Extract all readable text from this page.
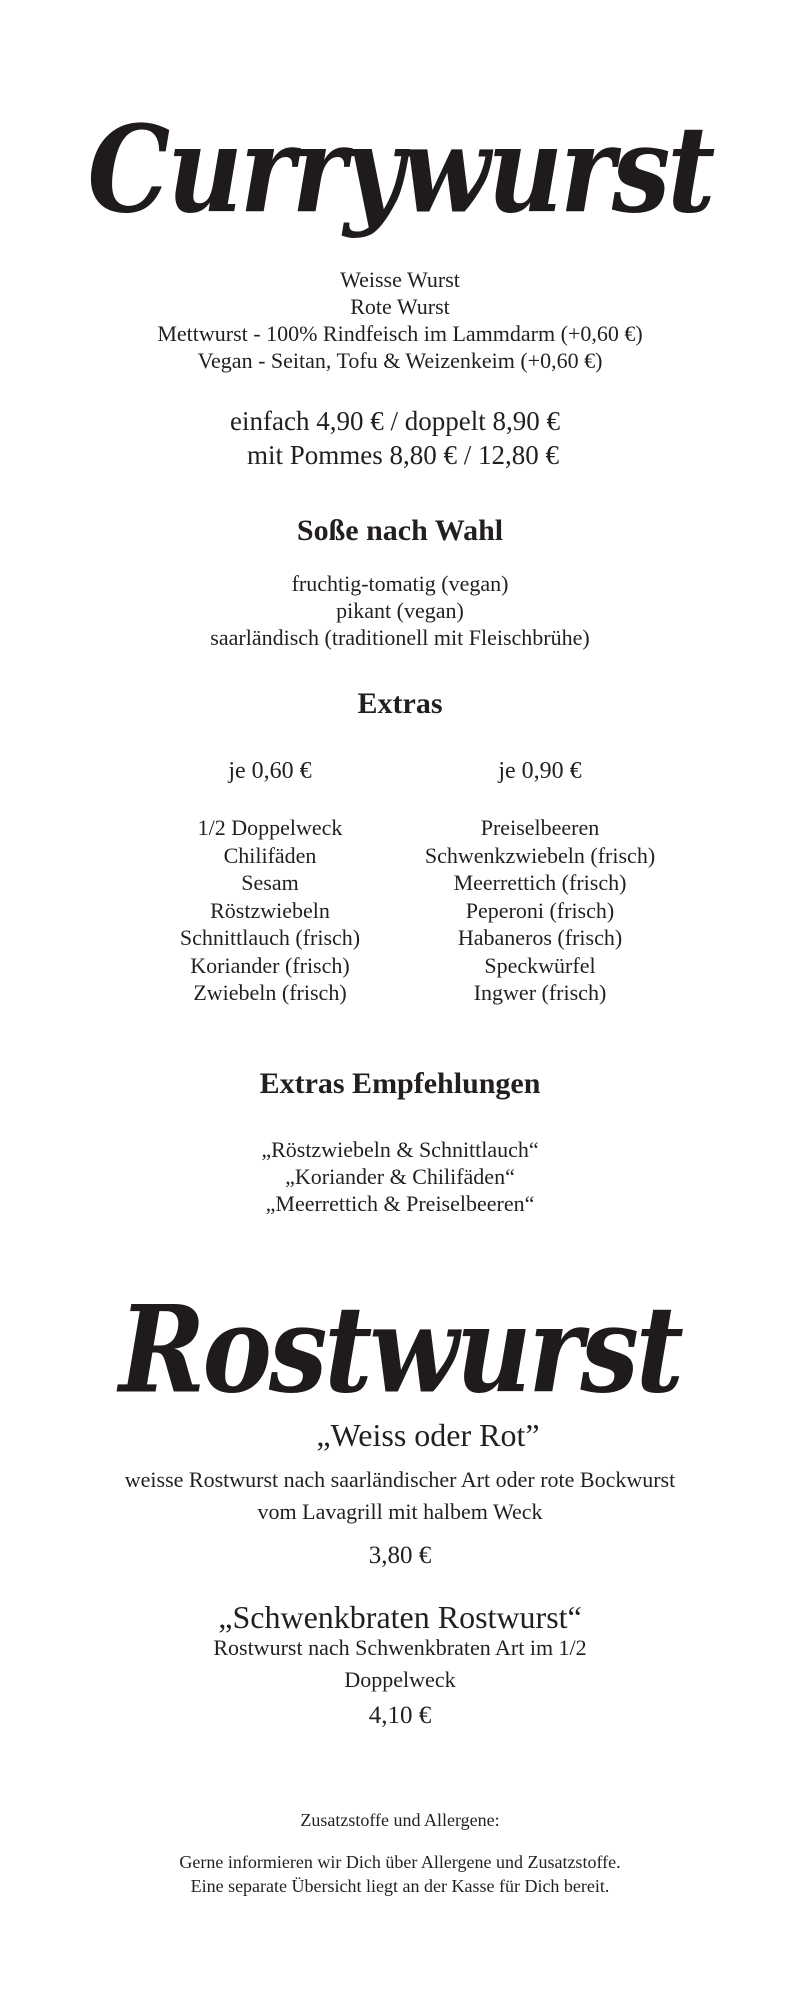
Currywurst
Weisse Wurst
Rote Wurst
Mettwurst - 100% Rindfeisch im Lammdarm (+0,60 €)
Vegan - Seitan, Tofu & Weizenkeim (+0,60 €)
einfach 4,90 € / doppelt 8,90 €
mit Pommes 8,80 € / 12,80 €
Soße nach Wahl
fruchtig-tomatig (vegan)
pikant (vegan)
saarländisch (traditionell mit Fleischbrühe)
Extras
je 0,60 €
1/2 Doppelweck
Chilifäden
Sesam
Röstzwiebeln
Schnittlauch (frisch)
Koriander (frisch)
Zwiebeln (frisch)
je 0,90 €
Preiselbeeren
Schwenkzwiebeln (frisch)
Meerrettich (frisch)
Peperoni (frisch)
Habaneros (frisch)
Speckwürfel
Ingwer (frisch)
Extras Empfehlungen
„Röstzwiebeln & Schnittlauch“
„Koriander & Chilifäden“
„Meerrettich & Preiselbeeren“
Rostwurst
„Weiss oder Rot”
weisse Rostwurst nach saarländischer Art oder rote Bockwurst
vom Lavagrill mit halbem Weck
3,80 €
„Schwenkbraten Rostwurst“
Rostwurst nach Schwenkbraten Art im 1/2
Doppelweck
4,10 €
Zusatzstoffe und Allergene:
Gerne informieren wir Dich über Allergene und Zusatzstoffe.
Eine separate Übersicht liegt an der Kasse für Dich bereit.
